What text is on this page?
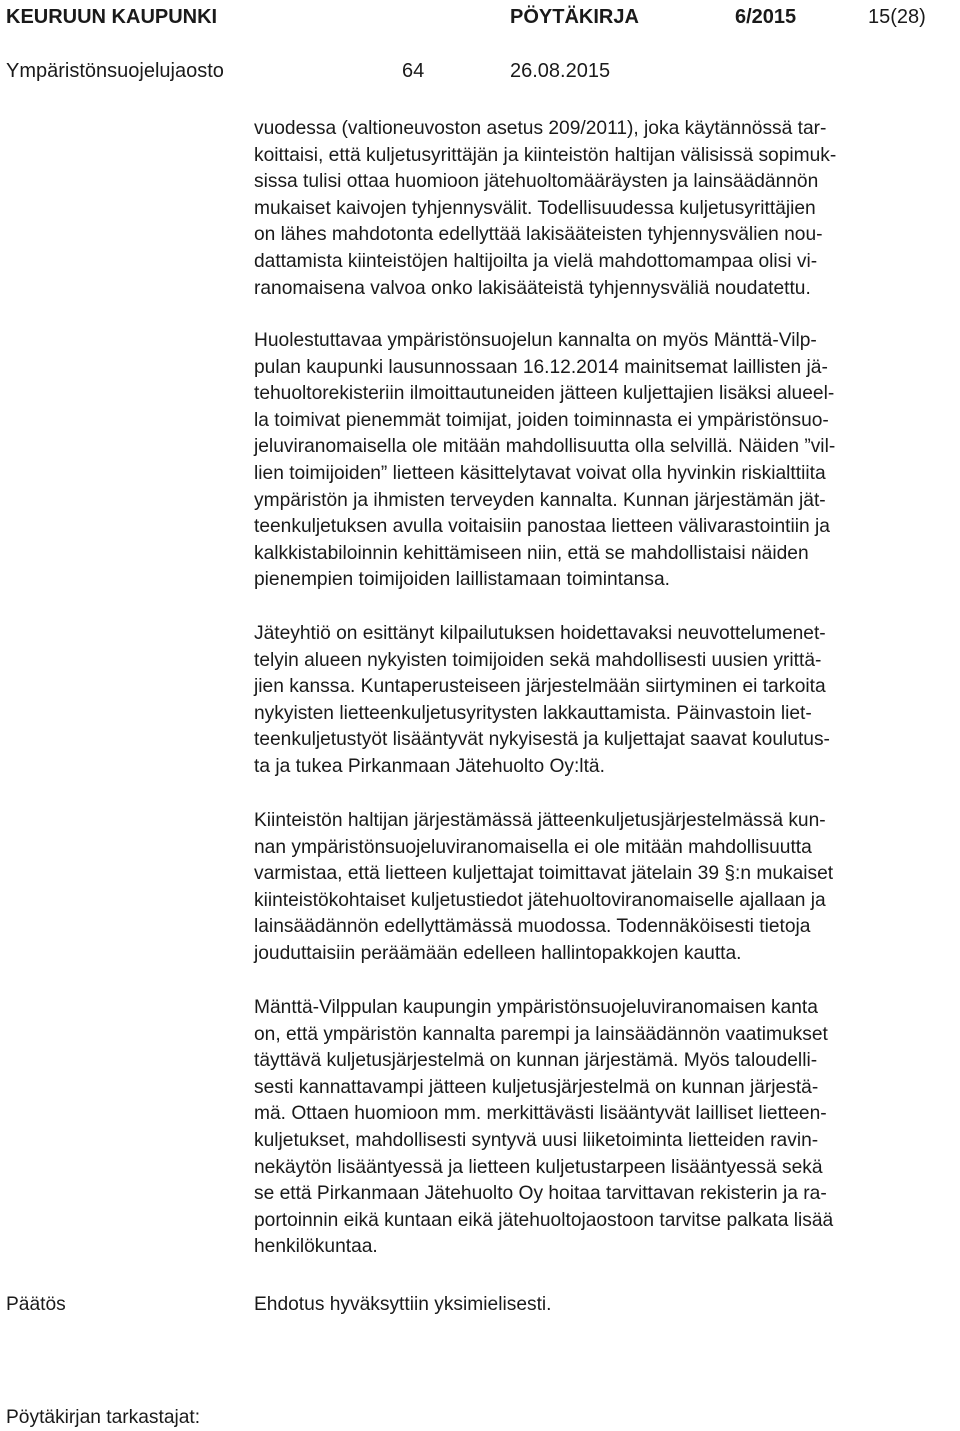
KEURUUN KAUPUNKI	PÖYTÄKIRJA	6/2015	15(28)
Ympäristönsuojelujaosto	64	26.08.2015

vuodessa (valtioneuvoston asetus 209/2011), joka käytännössä tar-
koittaisi, että kuljetusyrittäjän ja kiinteistön haltijan välisissä sopimuk-
sissa tulisi ottaa huomioon jätehuoltomääräysten ja lainsäädännön
mukaiset kaivojen tyhjennysvälit. Todellisuudessa kuljetusyrittäjien
on lähes mahdotonta edellyttää lakisääteisten tyhjennysvälien nou-
dattamista kiinteistöjen haltijoilta ja vielä mahdottomampaa olisi vi-
ranomaisena valvoa onko lakisääteistä tyhjennysväliä noudatettu.

Huolestuttavaa ympäristönsuojelun kannalta on myös Mänttä-Vilp-
pulan kaupunki lausunnossaan 16.12.2014 mainitsemat laillisten jä-
tehuoltorekisteriin ilmoittautuneiden jätteen kuljettajien lisäksi alueel-
la toimivat pienemmät toimijat, joiden toiminnasta ei ympäristönsuo-
jeluviranomaisella ole mitään mahdollisuutta olla selvillä. Näiden ”vil-
lien toimijoiden” lietteen käsittelytavat voivat olla hyvinkin riskialttiita
ympäristön ja ihmisten terveyden kannalta. Kunnan järjestämän jät-
teenkuljetuksen avulla voitaisiin panostaa lietteen välivarastointiin ja
kalkkistabiloinnin kehittämiseen niin, että se mahdollistaisi näiden
pienempien toimijoiden laillistamaan toimintansa.

Jäteyhtiö on esittänyt kilpailutuksen hoidettavaksi neuvottelumenet-
telyin alueen nykyisten toimijoiden sekä mahdollisesti uusien yrittä-
jien kanssa. Kuntaperusteiseen järjestelmään siirtyminen ei tarkoita
nykyisten lietteenkuljetusyritysten lakkauttamista. Päinvastoin liet-
teenkuljetustyöt lisääntyvät nykyisestä ja kuljettajat saavat koulutus-
ta ja tukea Pirkanmaan Jätehuolto Oy:ltä.

Kiinteistön haltijan järjestämässä jätteenkuljetusjärjestelmässä kun-
nan ympäristönsuojeluviranomaisella ei ole mitään mahdollisuutta
varmistaa, että lietteen kuljettajat toimittavat jätelain 39 §:n mukaiset
kiinteistökohtaiset kuljetustiedot jätehuoltoviranomaiselle ajallaan ja
lainsäädännön edellyttämässä muodossa. Todennäköisesti tietoja
jouduttaisiin peräämään edelleen hallintopakkojen kautta.

Mänttä-Vilppulan kaupungin ympäristönsuojeluviranomaisen kanta
on, että ympäristön kannalta parempi ja lainsäädännön vaatimukset
täyttävä kuljetusjärjestelmä on kunnan järjestämä. Myös taloudelli-
sesti kannattavampi jätteen kuljetusjärjestelmä on kunnan järjestä-
mä. Ottaen huomioon mm. merkittävästi lisääntyvät lailliset lietteen-
kuljetukset, mahdollisesti syntyvä uusi liiketoiminta lietteiden ravin-
nekäytön lisääntyessä ja lietteen kuljetustarpeen lisääntyessä sekä
se että Pirkanmaan Jätehuolto Oy hoitaa tarvittavan rekisterin ja ra-
portoinnin eikä kuntaan eikä jätehuoltojaostoon tarvitse palkata lisää
henkilökuntaa.

Päätös	Ehdotus hyväksyttiin yksimielisesti.

Pöytäkirjan tarkastajat:
